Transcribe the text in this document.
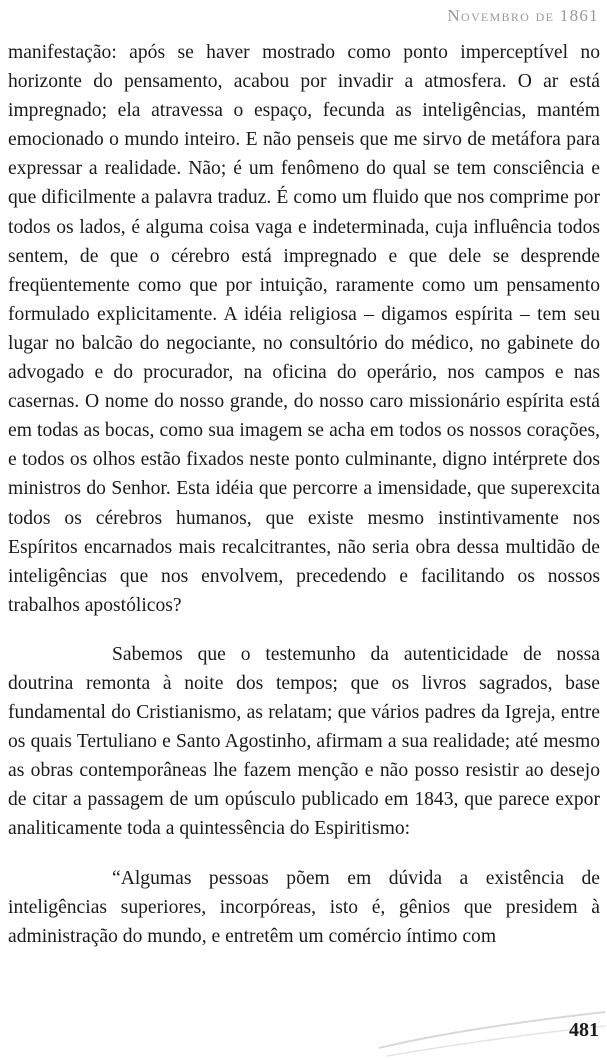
Novembro de 1861

manifestação: após se haver mostrado como ponto imperceptível no horizonte do pensamento, acabou por invadir a atmosfera. O ar está impregnado; ela atravessa o espaço, fecunda as inteligências, mantém emocionado o mundo inteiro. E não penseis que me sirvo de metáfora para expressar a realidade. Não; é um fenômeno do qual se tem consciência e que dificilmente a palavra traduz. É como um fluido que nos comprime por todos os lados, é alguma coisa vaga e indeterminada, cuja influência todos sentem, de que o cérebro está impregnado e que dele se desprende freqüentemente como que por intuição, raramente como um pensamento formulado explicitamente. A idéia religiosa – digamos espírita – tem seu lugar no balcão do negociante, no consultório do médico, no gabinete do advogado e do procurador, na oficina do operário, nos campos e nas casernas. O nome do nosso grande, do nosso caro missionário espírita está em todas as bocas, como sua imagem se acha em todos os nossos corações, e todos os olhos estão fixados neste ponto culminante, digno intérprete dos ministros do Senhor. Esta idéia que percorre a imensidade, que superexcita todos os cérebros humanos, que existe mesmo instintivamente nos Espíritos encarnados mais recalcitrantes, não seria obra dessa multidão de inteligências que nos envolvem, precedendo e facilitando os nossos trabalhos apostólicos?

Sabemos que o testemunho da autenticidade de nossa doutrina remonta à noite dos tempos; que os livros sagrados, base fundamental do Cristianismo, as relatam; que vários padres da Igreja, entre os quais Tertuliano e Santo Agostinho, afirmam a sua realidade; até mesmo as obras contemporâneas lhe fazem menção e não posso resistir ao desejo de citar a passagem de um opúsculo publicado em 1843, que parece expor analiticamente toda a quintessência do Espiritismo:

“Algumas pessoas põem em dúvida a existência de inteligências superiores, incorpóreas, isto é, gênios que presidem à administração do mundo, e entretêm um comércio íntimo com

481
